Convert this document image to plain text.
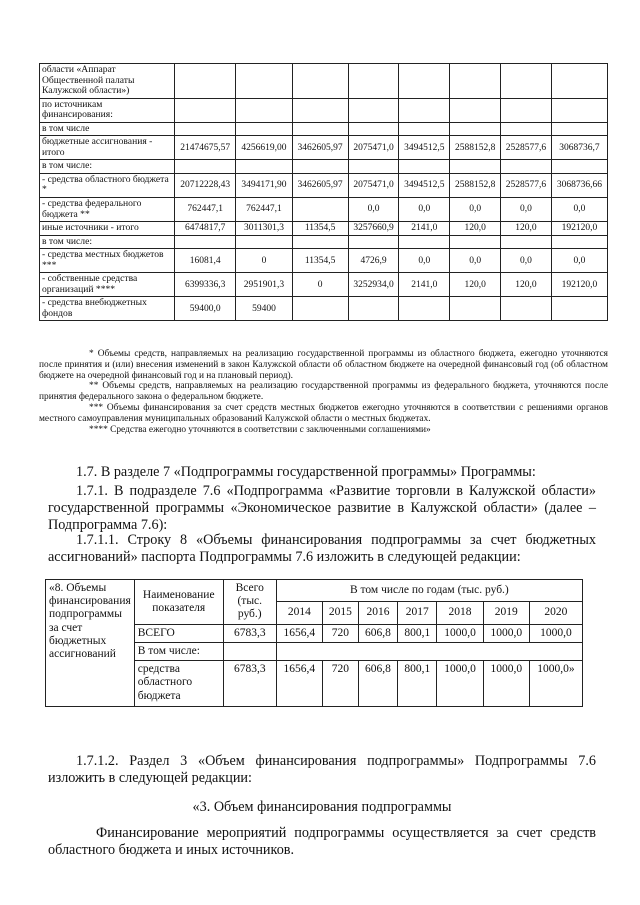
области «Аппарат Общественной палаты Калужской области»)								
по источникам финансирования:								
в том числе								
бюджетные ассигнования - итого	21474675,57	4256619,00	3462605,97	2075471,0	3494512,5	2588152,8	2528577,6	3068736,7
в том числе:								
- средства областного бюджета *	20712228,43	3494171,90	3462605,97	2075471,0	3494512,5	2588152,8	2528577,6	3068736,66
- средства федерального бюджета **	762447,1	762447,1		0,0	0,0	0,0	0,0	0,0
иные источники - итого	6474817,7	3011301,3	11354,5	3257660,9	2141,0	120,0	120,0	192120,0
в том числе:								
- средства местных бюджетов ***	16081,4	0	11354,5	4726,9	0,0	0,0	0,0	0,0
- собственные средства организаций ****	6399336,3	2951901,3	0	3252934,0	2141,0	120,0	120,0	192120,0
- средства внебюджетных фондов	59400,0	59400						

* Объемы средств, направляемых на реализацию государственной программы из областного бюджета, ежегодно уточняются после принятия и (или) внесения изменений в закон Калужской области об областном бюджете на очередной финансовый год (об областном бюджете на очередной финансовый год и на плановый период).

** Объемы средств, направляемых на реализацию государственной программы из федерального бюджета, уточняются после принятия федерального закона о федеральном бюджете.

*** Объемы финансирования за счет средств местных бюджетов ежегодно уточняются в соответствии с решениями органов местного самоуправления муниципальных образований Калужской области о местных бюджетах.

**** Средства ежегодно уточняются в соответствии с заключенными соглашениями»

1.7. В разделе 7 «Подпрограммы государственной программы» Программы:
1.7.1. В подразделе 7.6 «Подпрограмма «Развитие торговли в Калужской области» государственной программы «Экономическое развитие в Калужской области» (далее – Подпрограмма 7.6):
1.7.1.1. Строку 8 «Объемы финансирования подпрограммы за счет бюджетных ассигнований» паспорта Подпрограммы 7.6 изложить в следующей редакции:
«8. Объемы финансирования подпрограммы за счет бюджетных ассигнований	Наименование показателя	Всего (тыс. руб.)	В том числе по годам (тыс. руб.)						
			2014	2015	2016	2017	2018	2019	2020
	ВСЕГО	6783,3	1656,4	720	606,8	800,1	1000,0	1000,0	1000,0
	В том числе:								
	средства областного бюджета	6783,3	1656,4	720	606,8	800,1	1000,0	1000,0	1000,0»
1.7.1.2. Раздел 3 «Объем финансирования подпрограммы» Подпрограммы 7.6 изложить в следующей редакции:
«3. Объем финансирования подпрограммы
Финансирование мероприятий подпрограммы осуществляется за счет средств областного бюджета и иных источников.
